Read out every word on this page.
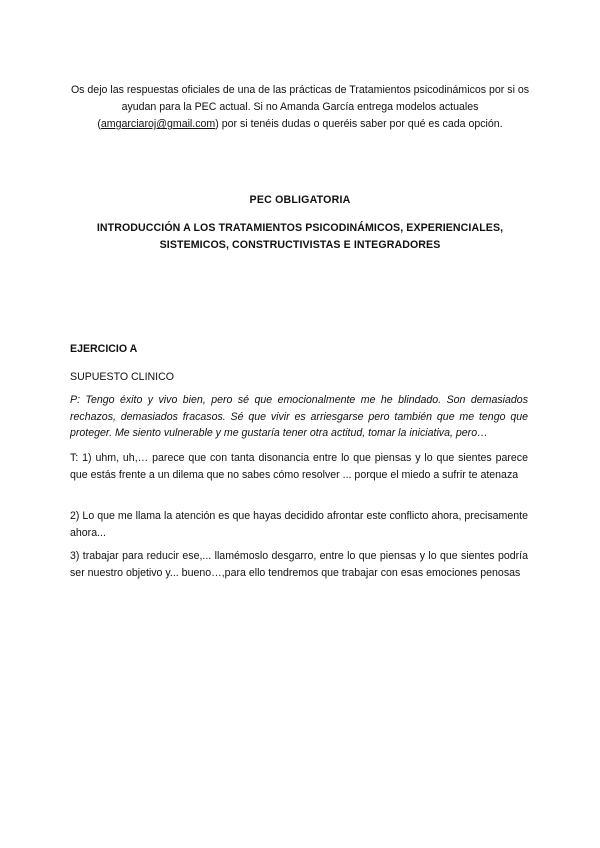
Os dejo las respuestas oficiales de una de las prácticas de Tratamientos psicodinámicos por si os ayudan para la PEC actual. Si no Amanda García entrega modelos actuales (amgarciaroj@gmail.com) por si tenéis dudas o queréis saber por qué es cada opción.
PEC OBLIGATORIA
INTRODUCCIÓN A LOS TRATAMIENTOS PSICODINÁMICOS, EXPERIENCIALES, SISTEMICOS, CONSTRUCTIVISTAS E INTEGRADORES
EJERCICIO A
SUPUESTO CLINICO
P: Tengo éxito y vivo bien, pero sé que emocionalmente me he blindado. Son demasiados rechazos, demasiados fracasos. Sé que vivir es arriesgarse pero también que me tengo que proteger. Me siento vulnerable y me gustaría tener otra actitud, tomar la iniciativa, pero…
T: 1) uhm, uh,… parece que con tanta disonancia entre lo que piensas y lo que sientes parece que estás frente a un dilema que no sabes cómo resolver ... porque el miedo a sufrir te atenaza
2) Lo que me llama la atención es que hayas decidido afrontar este conflicto ahora, precisamente ahora...
3) trabajar para reducir ese,... llamémoslo desgarro, entre lo que piensas y lo que sientes podría ser nuestro objetivo y... bueno…,para ello tendremos que trabajar con esas emociones penosas
